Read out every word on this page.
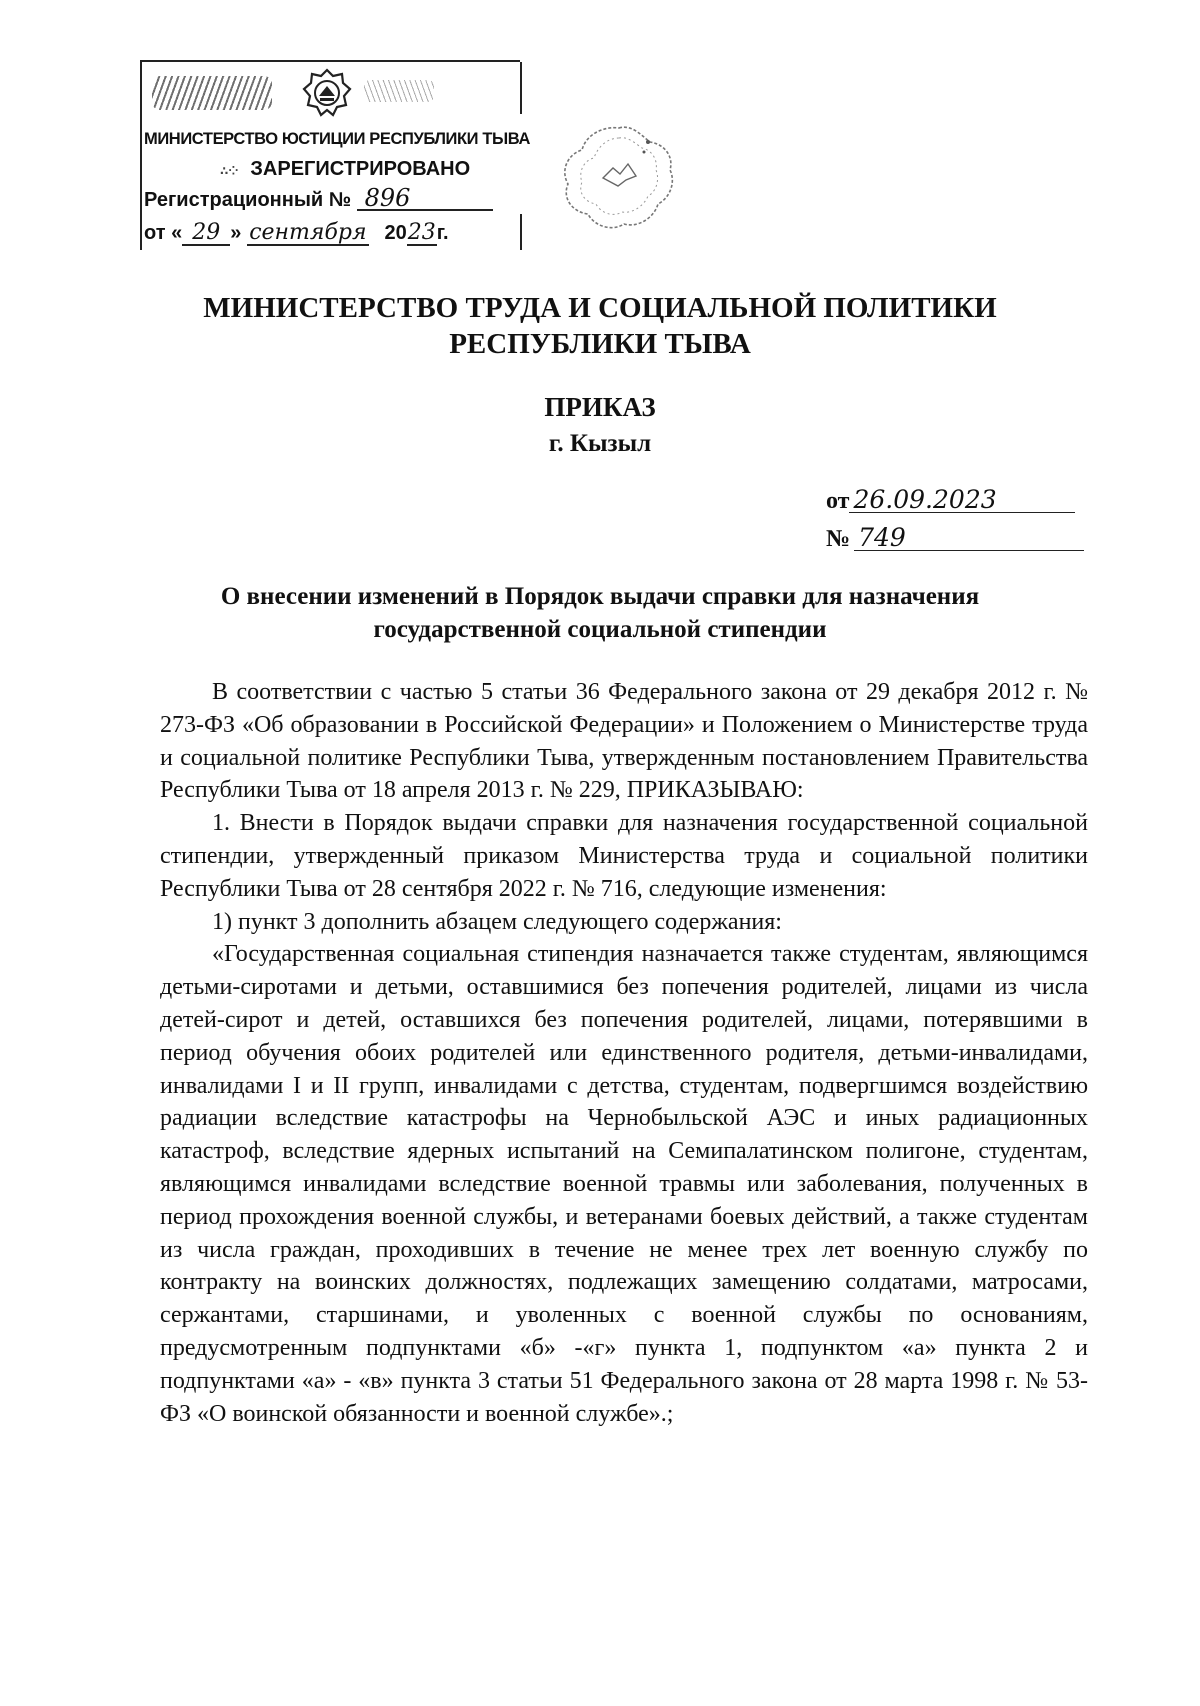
МИНИСТЕРСТВО ЮСТИЦИИ РЕСПУБЛИКИ ТЫВА
∴⁘ ЗАРЕГИСТРИРОВАНО
Регистрационный № 896
от « 29 » сентября 2023г.
МИНИСТЕРСТВО ТРУДА И СОЦИАЛЬНОЙ ПОЛИТИКИ
РЕСПУБЛИКИ ТЫВА
ПРИКАЗ
г. Кызыл
от 26.09.2023
№ 749
О внесении изменений в Порядок выдачи справки для назначения государственной социальной стипендии

В соответствии с частью 5 статьи 36 Федерального закона от 29 декабря 2012 г. № 273-ФЗ «Об образовании в Российской Федерации» и Положением о Министерстве труда и социальной политике Республики Тыва, утвержденным постановлением Правительства Республики Тыва от 18 апреля 2013 г. № 229, ПРИКАЗЫВАЮ:

1. Внести в Порядок выдачи справки для назначения государственной социальной стипендии, утвержденный приказом Министерства труда и социальной политики Республики Тыва от 28 сентября 2022 г. № 716, следующие изменения:

1) пункт 3 дополнить абзацем следующего содержания:

«Государственная социальная стипендия назначается также студентам, являющимся детьми-сиротами и детьми, оставшимися без попечения родителей, лицами из числа детей-сирот и детей, оставшихся без попечения родителей, лицами, потерявшими в период обучения обоих родителей или единственного родителя, детьми-инвалидами, инвалидами I и II групп, инвалидами с детства, студентам, подвергшимся воздействию радиации вследствие катастрофы на Чернобыльской АЭС и иных радиационных катастроф, вследствие ядерных испытаний на Семипалатинском полигоне, студентам, являющимся инвалидами вследствие военной травмы или заболевания, полученных в период прохождения военной службы, и ветеранами боевых действий, а также студентам из числа граждан, проходивших в течение не менее трех лет военную службу по контракту на воинских должностях, подлежащих замещению солдатами, матросами, сержантами, старшинами, и уволенных с военной службы по основаниям, предусмотренным подпунктами «б» -«г» пункта 1, подпунктом «а» пункта 2 и подпунктами «а» - «в» пункта 3 статьи 51 Федерального закона от 28 марта 1998 г. № 53-ФЗ «О воинской обязанности и военной службе».;
